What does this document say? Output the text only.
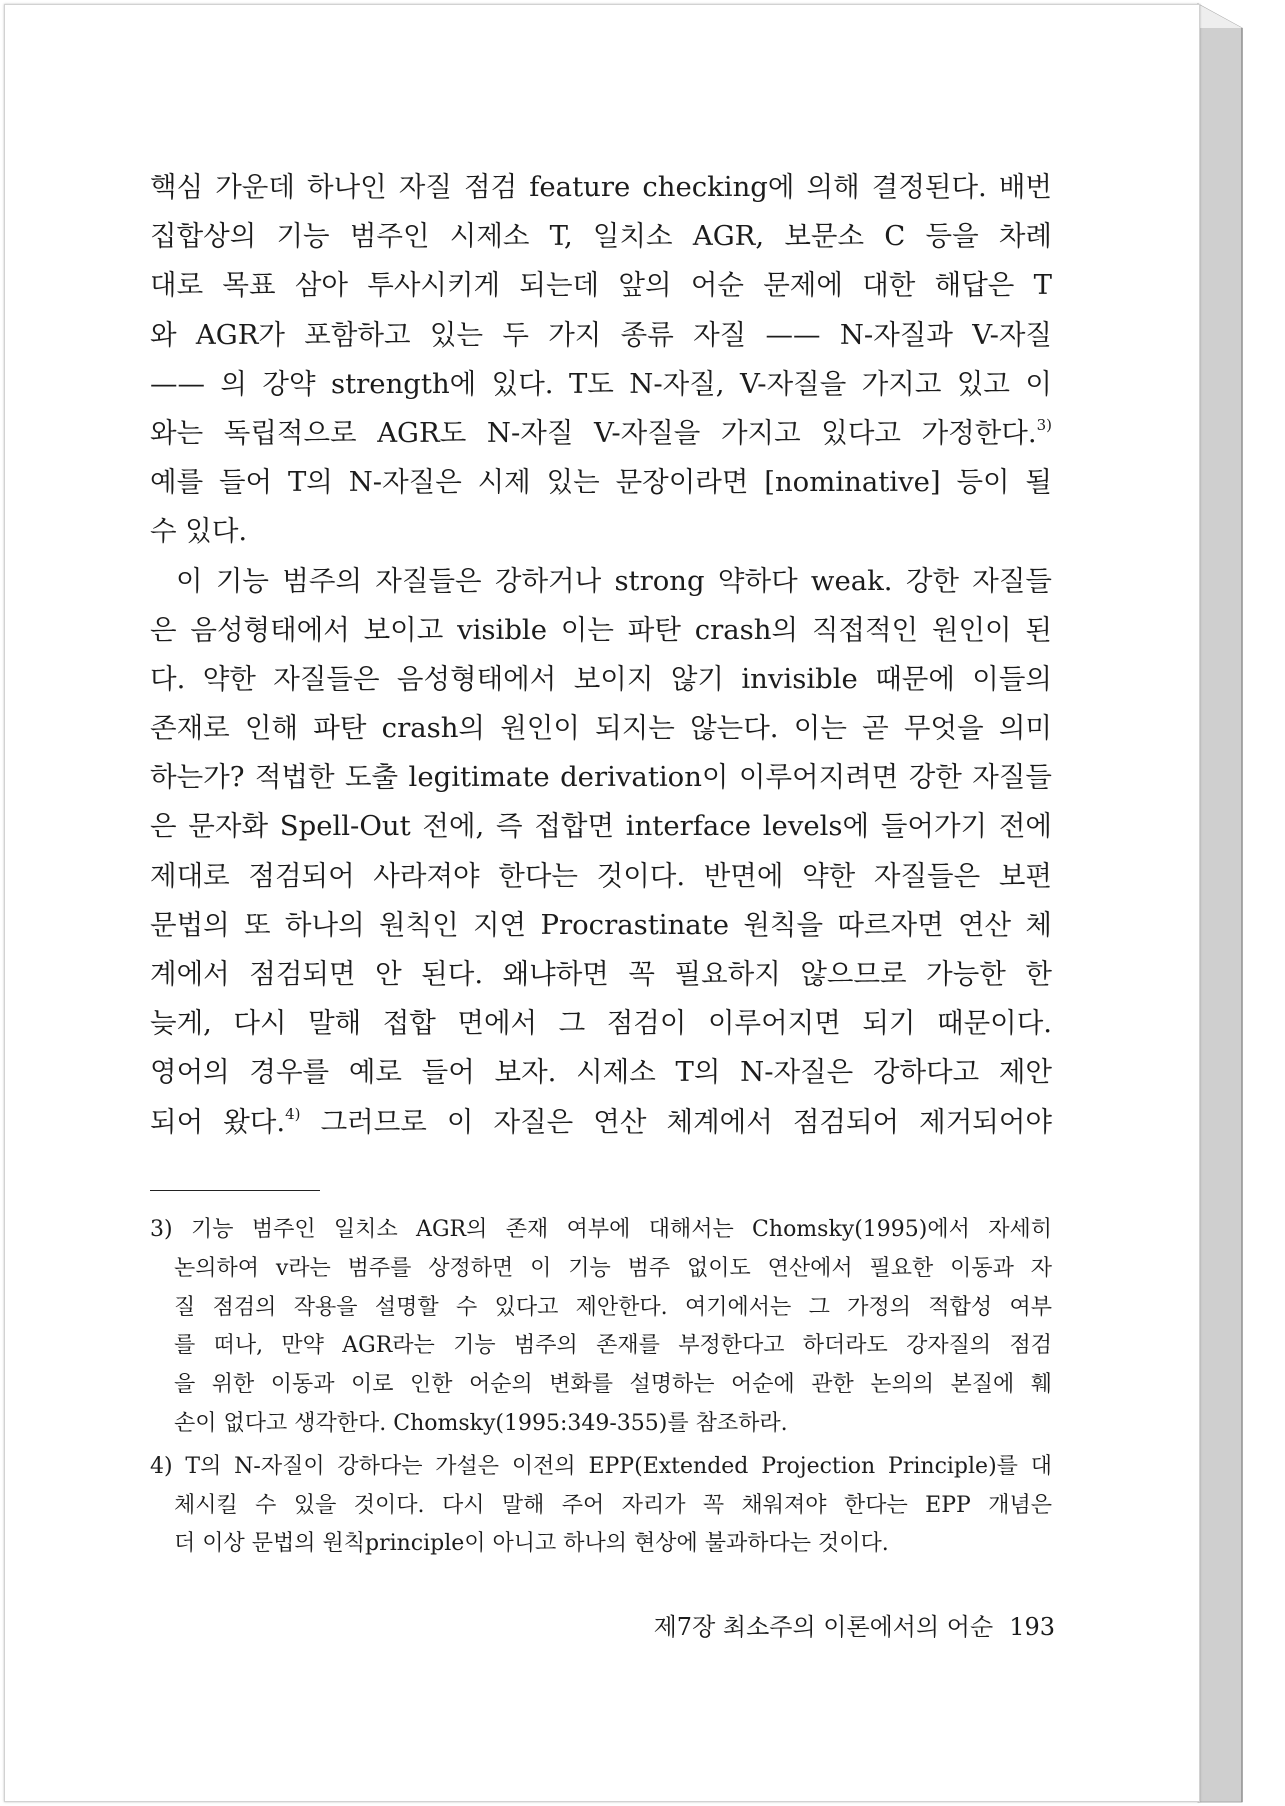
핵심 가운데 하나인 자질 점검 feature checking에 의해 결정된다. 배번
집합상의 기능 범주인 시제소 T, 일치소 AGR, 보문소 C 등을 차례
대로 목표 삼아 투사시키게 되는데 앞의 어순 문제에 대한 해답은 T
와 AGR가 포함하고 있는 두 가지 종류 자질 —— N-자질과 V-자질
—— 의 강약 strength에 있다. T도 N-자질, V-자질을 가지고 있고 이
와는 독립적으로 AGR도 N-자질 V-자질을 가지고 있다고 가정한다.$^{3)}$
예를 들어 T의 N-자질은 시제 있는 문장이라면 [nominative] 등이 될
수 있다.
이 기능 범주의 자질들은 강하거나 strong 약하다 weak. 강한 자질들
은 음성형태에서 보이고 visible 이는 파탄 crash의 직접적인 원인이 된
다. 약한 자질들은 음성형태에서 보이지 않기 invisible 때문에 이들의
존재로 인해 파탄 crash의 원인이 되지는 않는다. 이는 곧 무엇을 의미
하는가? 적법한 도출 legitimate derivation이 이루어지려면 강한 자질들
은 문자화 Spell-Out 전에, 즉 접합면 interface levels에 들어가기 전에
제대로 점검되어 사라져야 한다는 것이다. 반면에 약한 자질들은 보편
문법의 또 하나의 원칙인 지연 Procrastinate 원칙을 따르자면 연산 체
계에서 점검되면 안 된다. 왜냐하면 꼭 필요하지 않으므로 가능한 한
늦게, 다시 말해 접합 면에서 그 점검이 이루어지면 되기 때문이다.
영어의 경우를 예로 들어 보자. 시제소 T의 N-자질은 강하다고 제안
되어 왔다.$^{4)}$ 그러므로 이 자질은 연산 체계에서 점검되어 제거되어야
3) 기능 범주인 일치소 AGR의 존재 여부에 대해서는 Chomsky(1995)에서 자세히
논의하여 v라는 범주를 상정하면 이 기능 범주 없이도 연산에서 필요한 이동과 자
질 점검의 작용을 설명할 수 있다고 제안한다. 여기에서는 그 가정의 적합성 여부
를 떠나, 만약 AGR라는 기능 범주의 존재를 부정한다고 하더라도 강자질의 점검
을 위한 이동과 이로 인한 어순의 변화를 설명하는 어순에 관한 논의의 본질에 훼
손이 없다고 생각한다. Chomsky(1995:349-355)를 참조하라.
4) T의 N-자질이 강하다는 가설은 이전의 EPP(Extended Projection Principle)를 대
체시킬 수 있을 것이다. 다시 말해 주어 자리가 꼭 채워져야 한다는 EPP 개념은
더 이상 문법의 원칙principle이 아니고 하나의 현상에 불과하다는 것이다.
제7장 최소주의 이론에서의 어순 193
